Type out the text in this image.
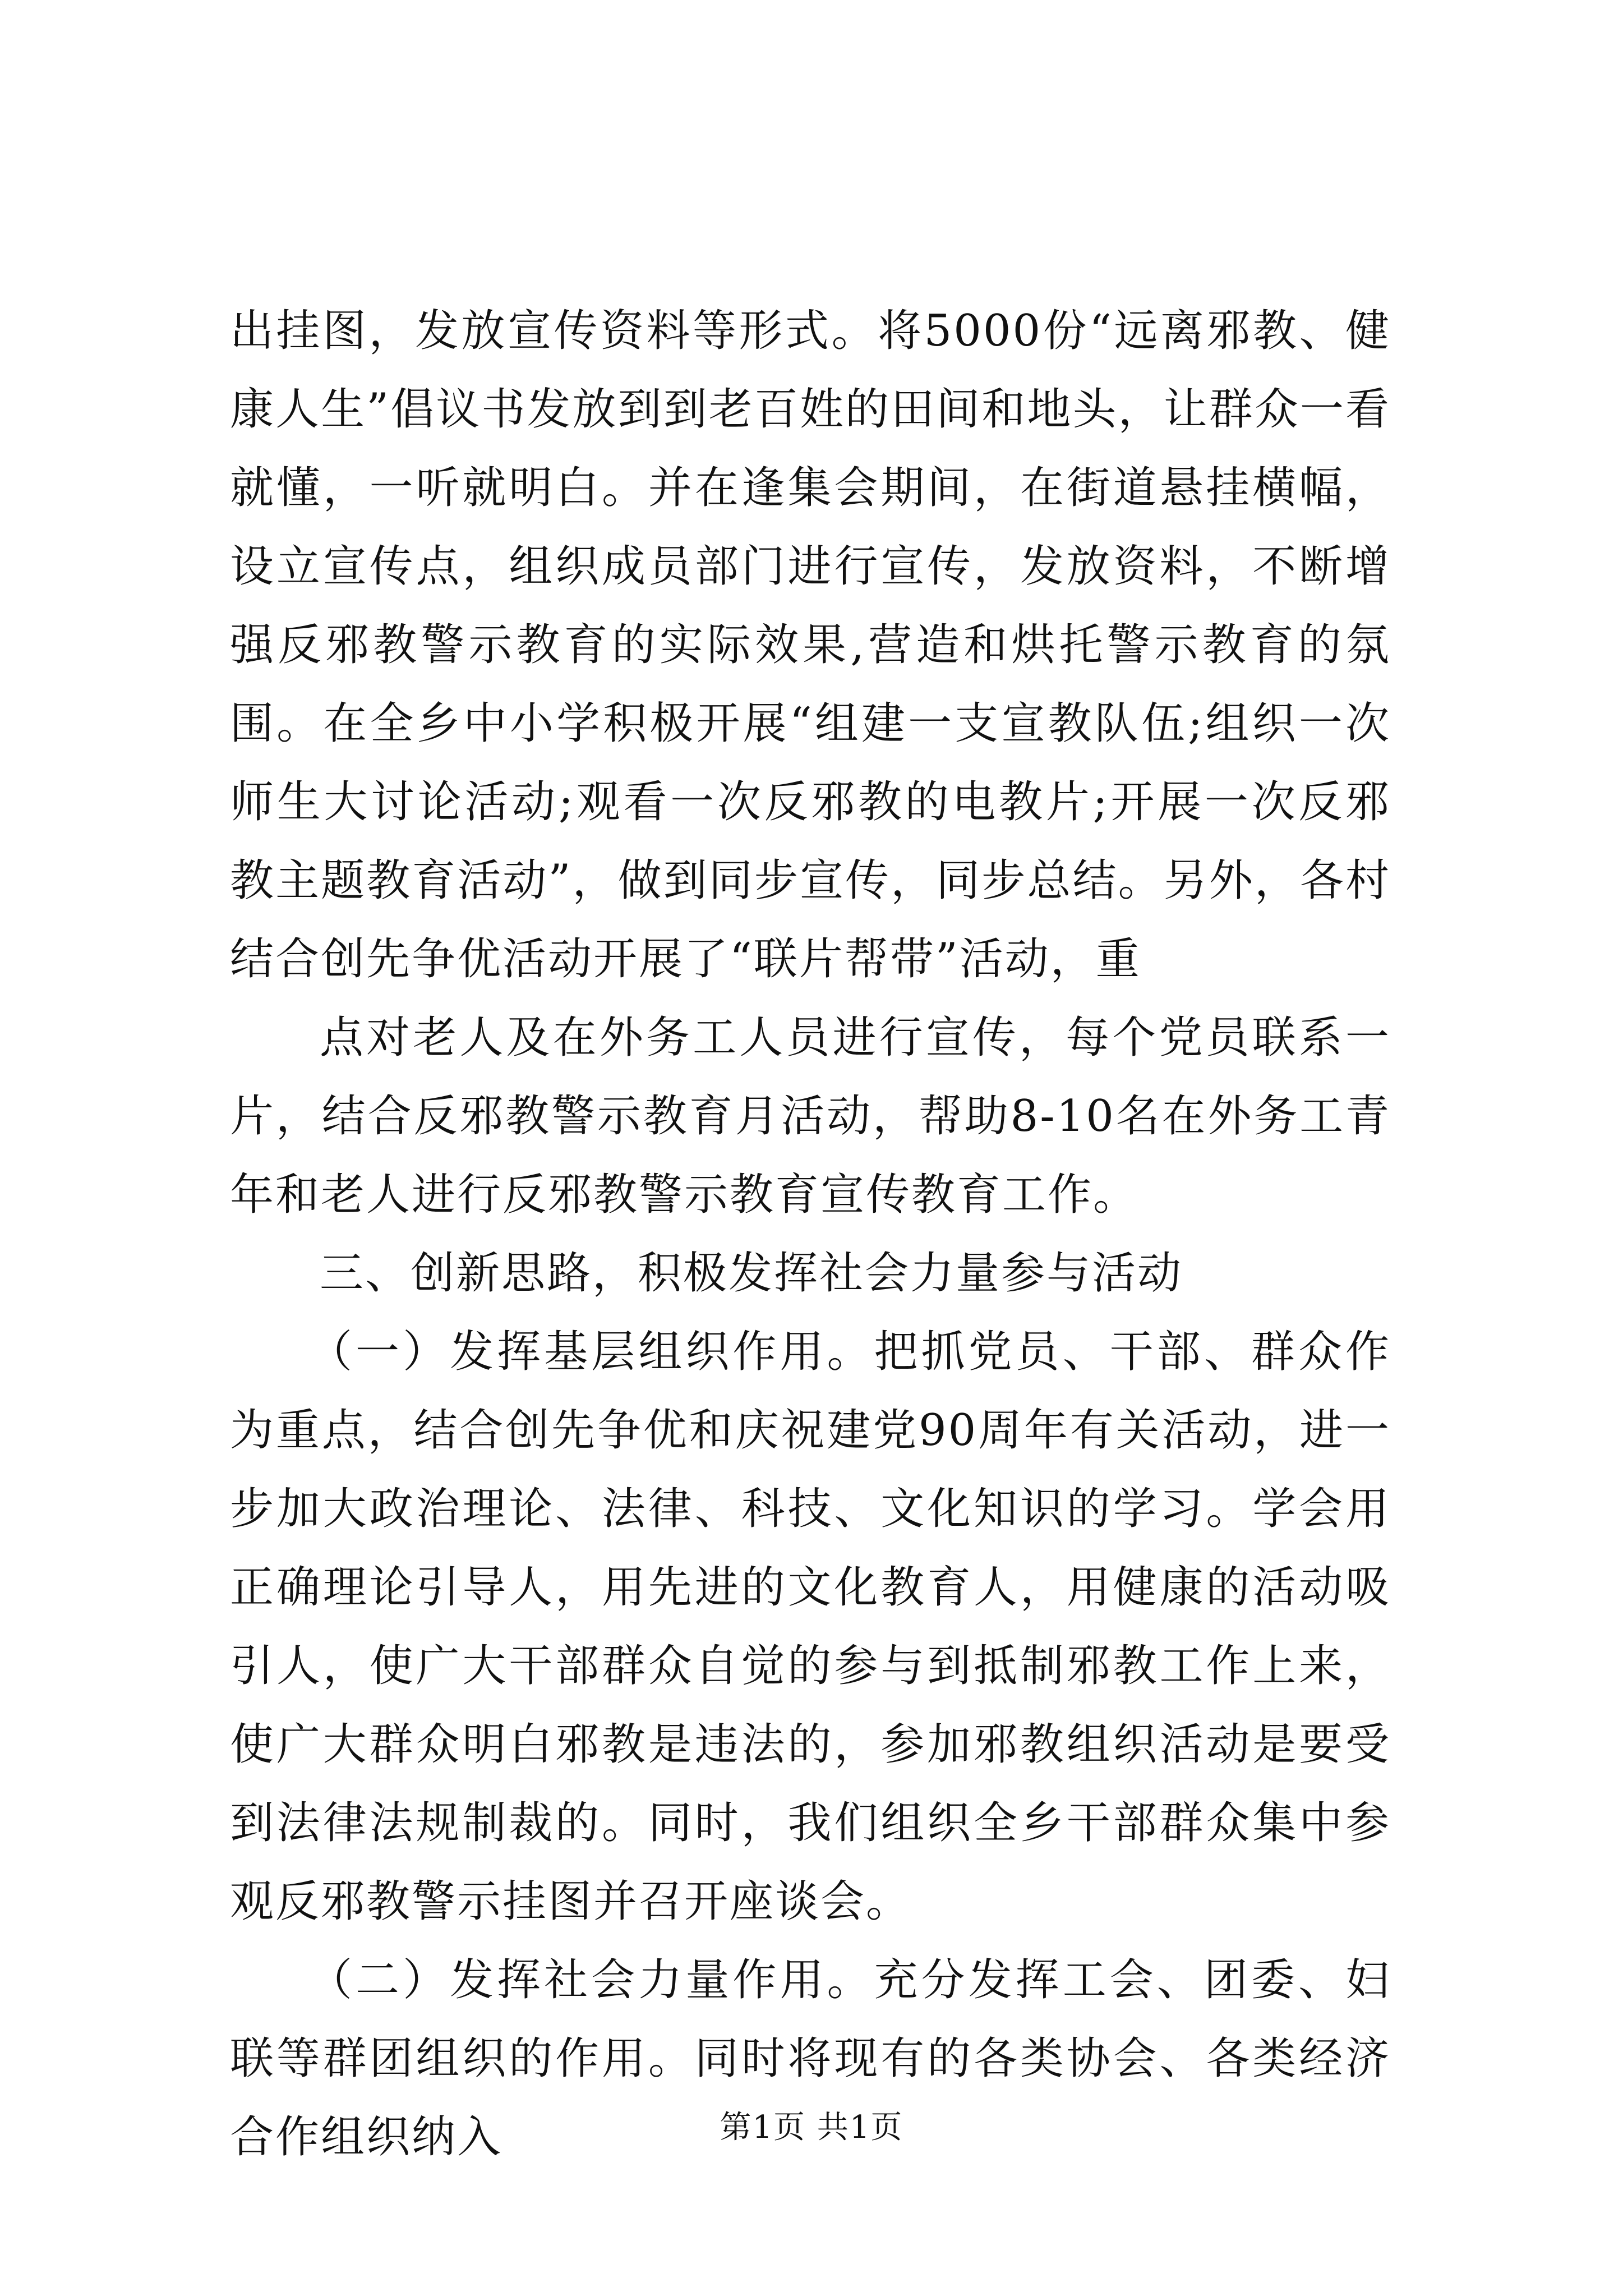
出挂图，发放宣传资料等形式。将5000份“远离邪教、健康人生”倡议书发放到到老百姓的田间和地头，让群众一看就懂，一听就明白。并在逢集会期间，在街道悬挂横幅，设立宣传点，组织成员部门进行宣传，发放资料，不断增强反邪教警示教育的实际效果,营造和烘托警示教育的氛围。在全乡中小学积极开展“组建一支宣教队伍;组织一次师生大讨论活动;观看一次反邪教的电教片;开展一次反邪教主题教育活动”，做到同步宣传，同步总结。另外，各村结合创先争优活动开展了“联片帮带”活动，重

点对老人及在外务工人员进行宣传，每个党员联系一片，结合反邪教警示教育月活动，帮助8-10名在外务工青年和老人进行反邪教警示教育宣传教育工作。

三、创新思路，积极发挥社会力量参与活动

（一）发挥基层组织作用。把抓党员、干部、群众作为重点，结合创先争优和庆祝建党90周年有关活动，进一步加大政治理论、法律、科技、文化知识的学习。学会用正确理论引导人，用先进的文化教育人，用健康的活动吸引人，使广大干部群众自觉的参与到抵制邪教工作上来，使广大群众明白邪教是违法的，参加邪教组织活动是要受到法律法规制裁的。同时，我们组织全乡干部群众集中参观反邪教警示挂图并召开座谈会。

（二）发挥社会力量作用。充分发挥工会、团委、妇联等群团组织的作用。同时将现有的各类协会、各类经济合作组织纳入	第1页 共1页
